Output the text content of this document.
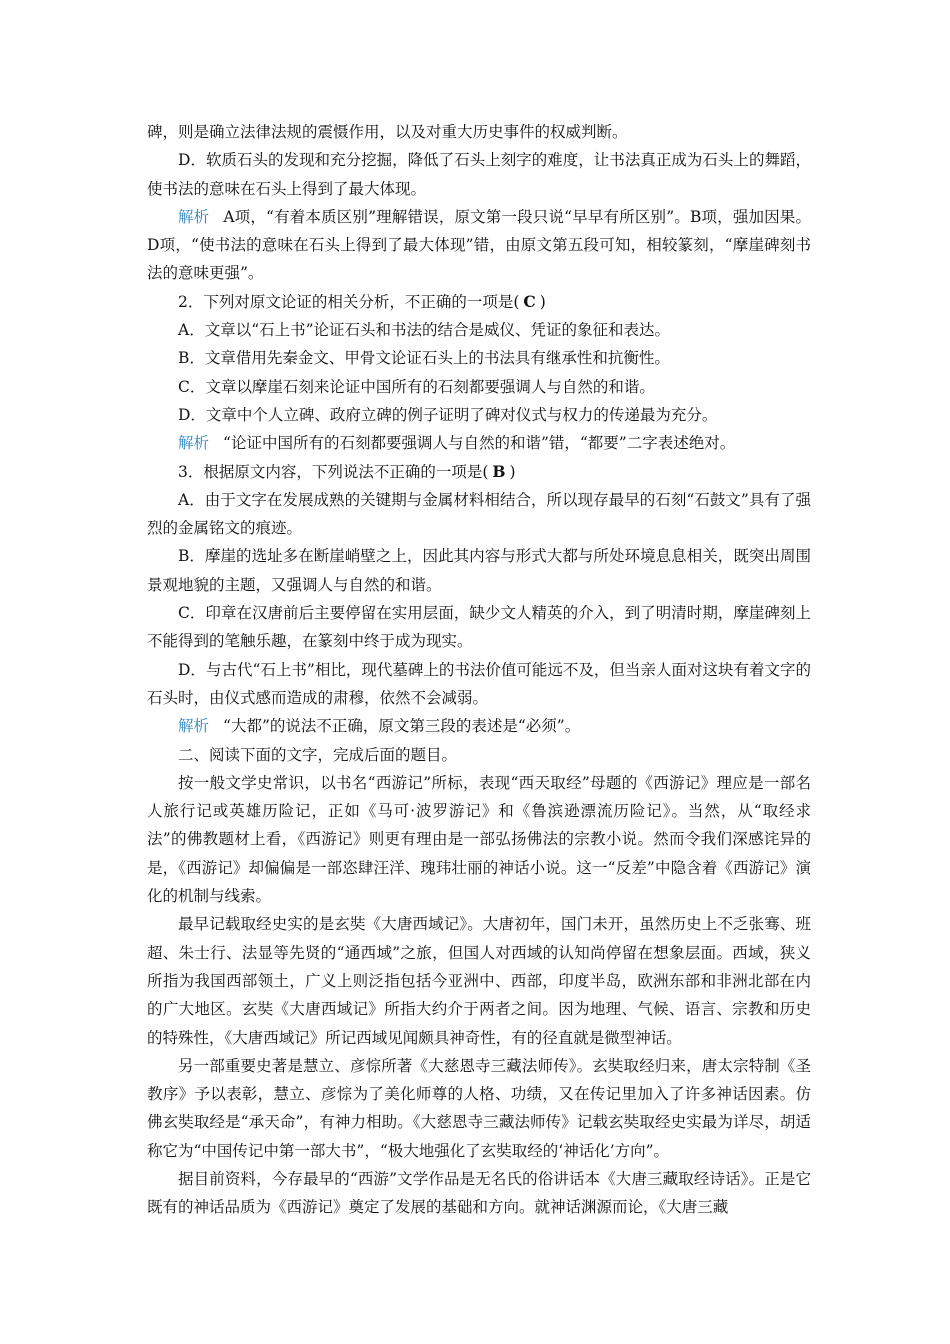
碑，则是确立法律法规的震慑作用，以及对重大历史事件的权威判断。

D．软质石头的发现和充分挖掘，降低了石头上刻字的难度，让书法真正成为石头上的舞蹈，使书法的意味在石头上得到了最大体现。

解析 A项，“有着本质区别”理解错误，原文第一段只说“早早有所区别”。B项，强加因果。D项，“使书法的意味在石头上得到了最大体现”错，由原文第五段可知，相较篆刻，“摩崖碑刻书法的意味更强”。

2．下列对原文论证的相关分析，不正确的一项是( C )

A．文章以“石上书”论证石头和书法的结合是威仪、凭证的象征和表达。

B．文章借用先秦金文、甲骨文论证石头上的书法具有继承性和抗衡性。

C．文章以摩崖石刻来论证中国所有的石刻都要强调人与自然的和谐。

D．文章中个人立碑、政府立碑的例子证明了碑对仪式与权力的传递最为充分。

解析 “论证中国所有的石刻都要强调人与自然的和谐”错，“都要”二字表述绝对。

3．根据原文内容，下列说法不正确的一项是( B )

A．由于文字在发展成熟的关键期与金属材料相结合，所以现存最早的石刻“石鼓文”具有了强烈的金属铭文的痕迹。

B．摩崖的选址多在断崖峭壁之上，因此其内容与形式大都与所处环境息息相关，既突出周围景观地貌的主题，又强调人与自然的和谐。

C．印章在汉唐前后主要停留在实用层面，缺少文人精英的介入，到了明清时期，摩崖碑刻上不能得到的笔触乐趣，在篆刻中终于成为现实。

D．与古代“石上书”相比，现代墓碑上的书法价值可能远不及，但当亲人面对这块有着文字的石头时，由仪式感而造成的肃穆，依然不会减弱。

解析 “大都”的说法不正确，原文第三段的表述是“必须”。

二、阅读下面的文字，完成后面的题目。

按一般文学史常识，以书名“西游记”所标，表现“西天取经”母题的《西游记》理应是一部名人旅行记或英雄历险记，正如《马可·波罗游记》和《鲁滨逊漂流历险记》。当然，从“取经求法”的佛教题材上看，《西游记》则更有理由是一部弘扬佛法的宗教小说。然而令我们深感诧异的是，《西游记》却偏偏是一部恣肆汪洋、瑰玮壮丽的神话小说。这一“反差”中隐含着《西游记》演化的机制与线索。

最早记载取经史实的是玄奘《大唐西域记》。大唐初年，国门未开，虽然历史上不乏张骞、班超、朱士行、法显等先贤的“通西域”之旅，但国人对西域的认知尚停留在想象层面。西域，狭义所指为我国西部领土，广义上则泛指包括今亚洲中、西部，印度半岛，欧洲东部和非洲北部在内的广大地区。玄奘《大唐西域记》所指大约介于两者之间。因为地理、气候、语言、宗教和历史的特殊性，《大唐西域记》所记西域见闻颇具神奇性，有的径直就是微型神话。

另一部重要史著是慧立、彦悰所著《大慈恩寺三藏法师传》。玄奘取经归来，唐太宗特制《圣教序》予以表彰，慧立、彦悰为了美化师尊的人格、功绩，又在传记里加入了许多神话因素。仿佛玄奘取经是“承天命”，有神力相助。《大慈恩寺三藏法师传》记载玄奘取经史实最为详尽，胡适称它为“中国传记中第一部大书”，“极大地强化了玄奘取经的‘神话化’方向”。

据目前资料，今存最早的“西游”文学作品是无名氏的俗讲话本《大唐三藏取经诗话》。正是它既有的神话品质为《西游记》奠定了发展的基础和方向。就神话渊源而论，《大唐三藏
